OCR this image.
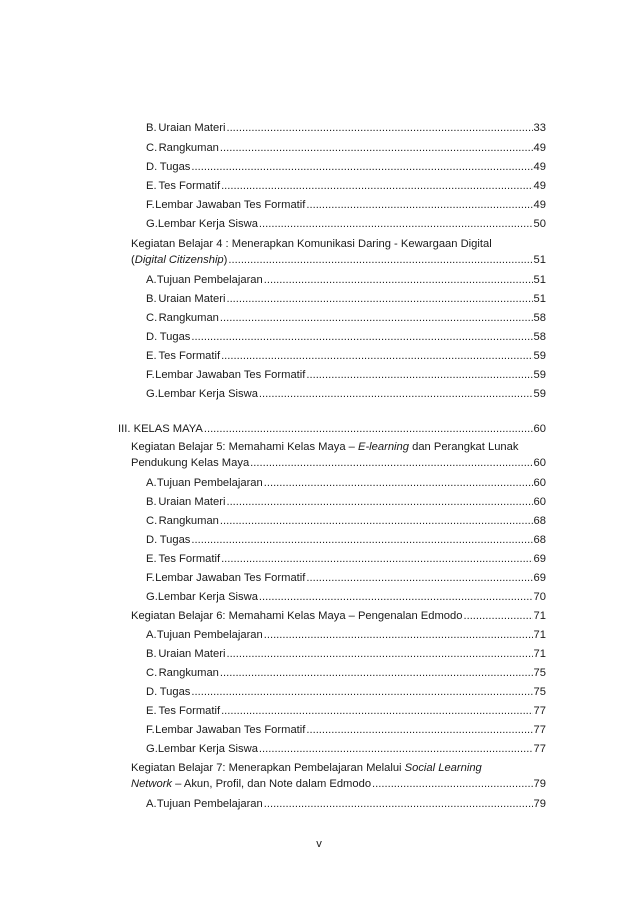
B. Uraian Materi .....	33
C. Rangkuman .....	49
D. Tugas .....	49
E. Tes Formatif .....	49
F. Lembar Jawaban Tes Formatif .....	49
G. Lembar Kerja Siswa .....	50
Kegiatan Belajar 4 : Menerapkan Komunikasi Daring - Kewargaan Digital
(Digital Citizenship) .....	51
A. Tujuan Pembelajaran .....	51
B. Uraian Materi .....	51
C. Rangkuman .....	58
D. Tugas .....	58
E. Tes Formatif .....	59
F. Lembar Jawaban Tes Formatif .....	59
G. Lembar Kerja Siswa .....	59
III. KELAS MAYA .....	60
Kegiatan Belajar 5: Memahami Kelas Maya – E-learning dan Perangkat Lunak
Pendukung Kelas Maya .....	60
A. Tujuan Pembelajaran .....	60
B. Uraian Materi .....	60
C. Rangkuman .....	68
D. Tugas .....	68
E. Tes Formatif .....	69
F. Lembar Jawaban Tes Formatif .....	69
G. Lembar Kerja Siswa .....	70
Kegiatan Belajar 6: Memahami Kelas Maya – Pengenalan Edmodo .....	71
A. Tujuan Pembelajaran .....	71
B. Uraian Materi .....	71
C. Rangkuman .....	75
D. Tugas .....	75
E. Tes Formatif .....	77
F. Lembar Jawaban Tes Formatif .....	77
G. Lembar Kerja Siswa .....	77
Kegiatan Belajar 7: Menerapkan Pembelajaran Melalui Social Learning
Network – Akun, Profil, dan Note dalam Edmodo .....	79
A. Tujuan Pembelajaran .....	79
v
